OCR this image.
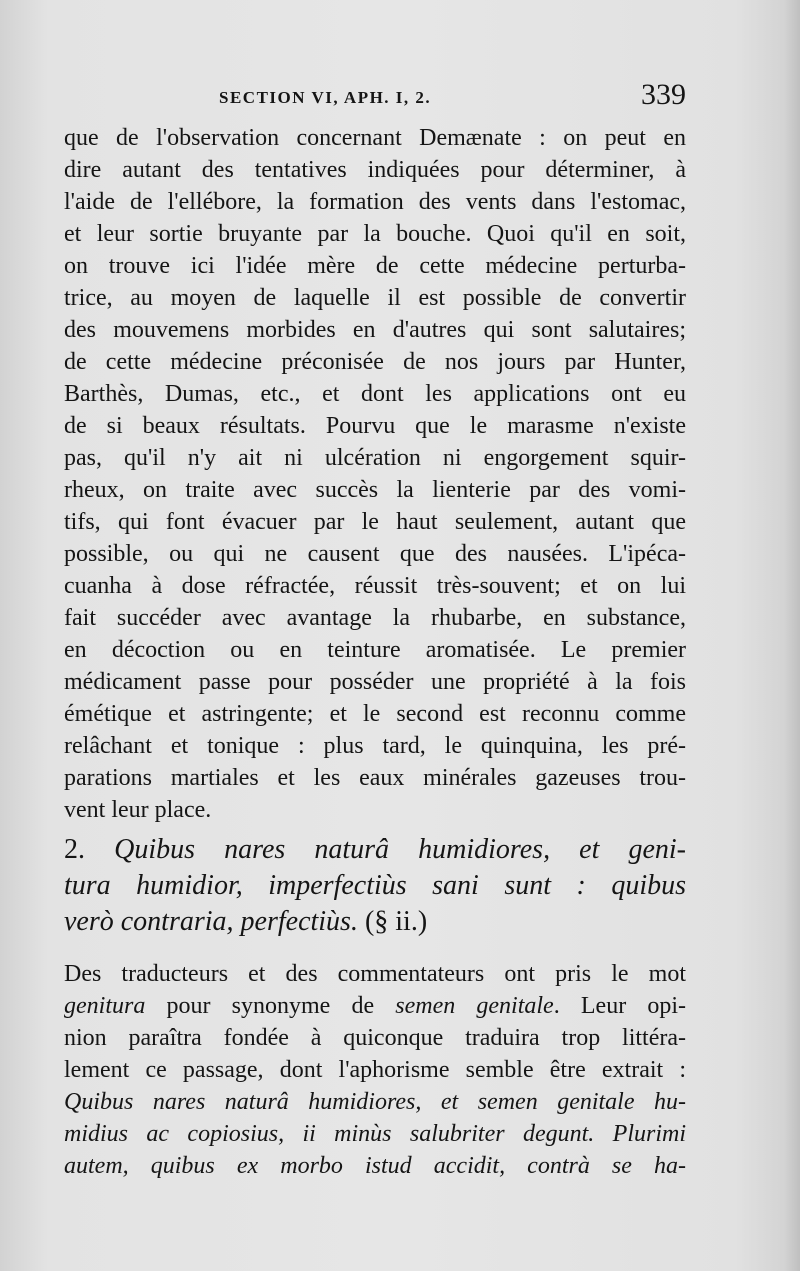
SECTION VI, APH. I, 2.	339
que de l'observation concernant Demænate : on peut en
dire autant des tentatives indiquées pour déterminer, à
l'aide de l'ellébore, la formation des vents dans l'estomac,
et leur sortie bruyante par la bouche. Quoi qu'il en soit,
on trouve ici l'idée mère de cette médecine perturba-
trice, au moyen de laquelle il est possible de convertir
des mouvemens morbides en d'autres qui sont salutaires;
de cette médecine préconisée de nos jours par Hunter,
Barthès, Dumas, etc., et dont les applications ont eu
de si beaux résultats. Pourvu que le marasme n'existe
pas, qu'il n'y ait ni ulcération ni engorgement squir-
rheux, on traite avec succès la lienterie par des vomi-
tifs, qui font évacuer par le haut seulement, autant que
possible, ou qui ne causent que des nausées. L'ipéca-
cuanha à dose réfractée, réussit très-souvent; et on lui
fait succéder avec avantage la rhubarbe, en substance,
en décoction ou en teinture aromatisée. Le premier
médicament passe pour posséder une propriété à la fois
émétique et astringente; et le second est reconnu comme
relâchant et tonique : plus tard, le quinquina, les pré-
parations martiales et les eaux minérales gazeuses trou-
vent leur place.
2. Quibus nares naturâ humidiores, et geni-
tura humidior, imperfectiùs sani sunt : quibus
verò contraria, perfectiùs. (§ ii.)
Des traducteurs et des commentateurs ont pris le mot
genitura pour synonyme de semen genitale. Leur opi-
nion paraîtra fondée à quiconque traduira trop littéra-
lement ce passage, dont l'aphorisme semble être extrait :
Quibus nares naturâ humidiores, et semen genitale hu-
midius ac copiosius, ii minùs salubriter degunt. Plurimi
autem, quibus ex morbo istud accidit, contrà se ha-
